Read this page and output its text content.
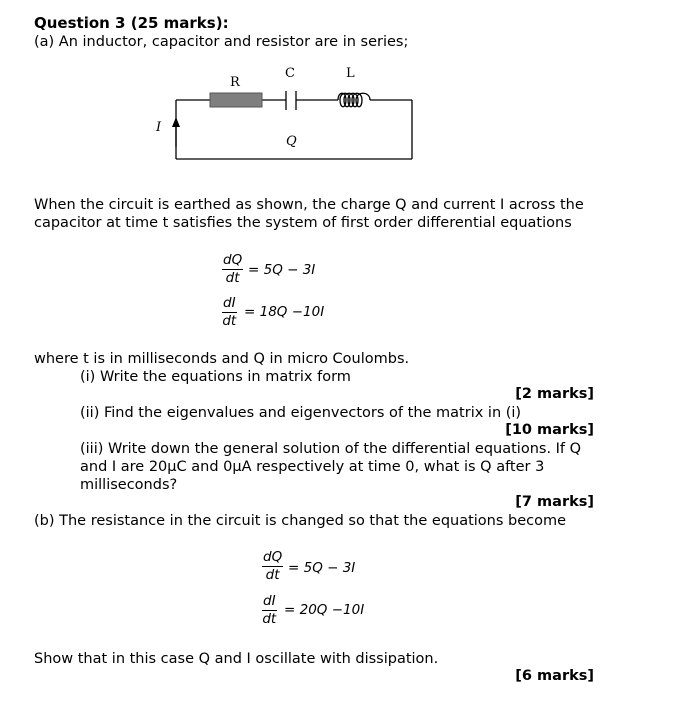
Question 3 (25 marks):
(a) An inductor, capacitor and resistor are in series;
R
C	L
I
Q
When the circuit is earthed as shown, the charge Q and current I across the
capacitor at time t satisfies the system of first order differential equations
$\frac{dQ}{dt} = 5Q - 3I$
$\frac{dI}{dt} = 18Q -10I$
where t is in milliseconds and Q in micro Coulombs.
(i) Write the equations in matrix form
[2 marks]
(ii) Find the eigenvalues and eigenvectors of the matrix in (i)
[10 marks]
(iii) Write down the general solution of the differential equations. If Q
and I are 20µC and 0µA respectively at time 0, what is Q after 3
milliseconds?
[7 marks]
(b) The resistance in the circuit is changed so that the equations become
$\frac{dQ}{dt} = 5Q - 3I$
$\frac{dI}{dt} = 20Q -10I$
Show that in this case Q and I oscillate with dissipation.
[6 marks]
